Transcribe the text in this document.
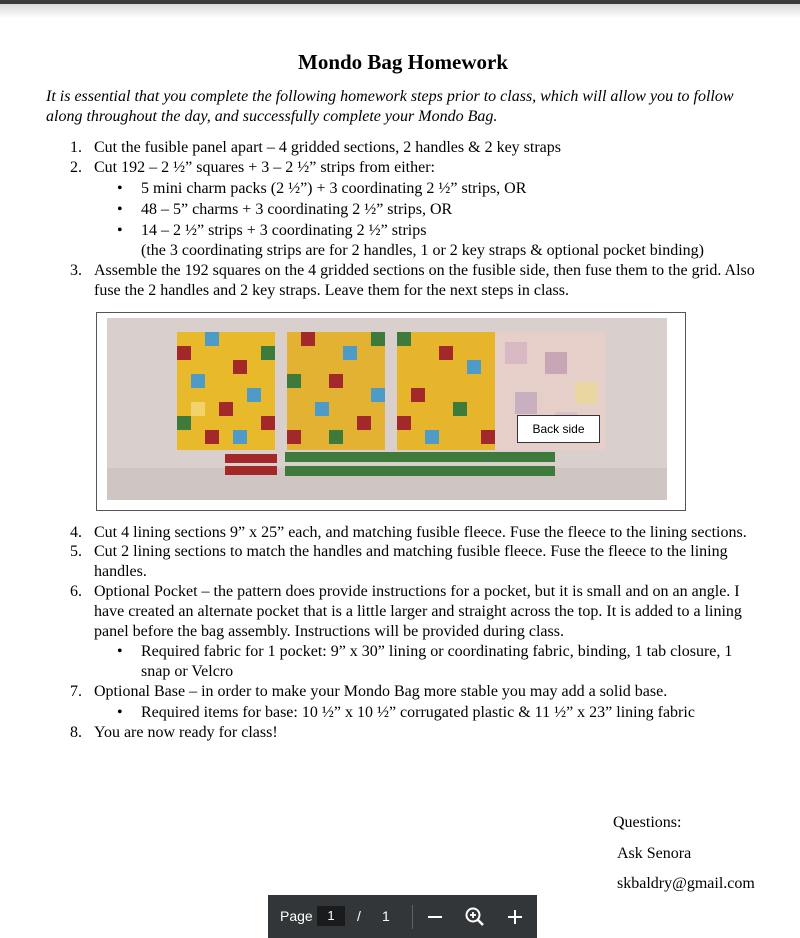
Mondo Bag Homework
It is essential that you complete the following homework steps prior to class, which will allow you to follow along throughout the day, and successfully complete your Mondo Bag.
1. Cut the fusible panel apart – 4 gridded sections, 2 handles & 2 key straps
2. Cut 192 – 2 ½” squares + 3 – 2 ½” strips from either:
• 5 mini charm packs (2 ½”) + 3 coordinating 2 ½” strips, OR
• 48 – 5” charms + 3 coordinating 2 ½” strips, OR
• 14 – 2 ½” strips + 3 coordinating 2 ½” strips
(the 3 coordinating strips are for 2 handles, 1 or 2 key straps & optional pocket binding)
3. Assemble the 192 squares on the 4 gridded sections on the fusible side, then fuse them to the grid. Also
fuse the 2 handles and 2 key straps. Leave them for the next steps in class.
Back side
4. Cut 4 lining sections 9” x 25” each, and matching fusible fleece. Fuse the fleece to the lining sections.
5. Cut 2 lining sections to match the handles and matching fusible fleece. Fuse the fleece to the lining
handles.
6. Optional Pocket – the pattern does provide instructions for a pocket, but it is small and on an angle. I
have created an alternate pocket that is a little larger and straight across the top. It is added to a lining
panel before the bag assembly. Instructions will be provided during class.
• Required fabric for 1 pocket: 9” x 30” lining or coordinating fabric, binding, 1 tab closure, 1
snap or Velcro
7. Optional Base – in order to make your Mondo Bag more stable you may add a solid base.
• Required items for base: 10 ½” x 10 ½” corrugated plastic & 11 ½” x 23” lining fabric
8. You are now ready for class!
Questions:
Ask Senora
skbaldry@gmail.com
Page	1	/ 1
